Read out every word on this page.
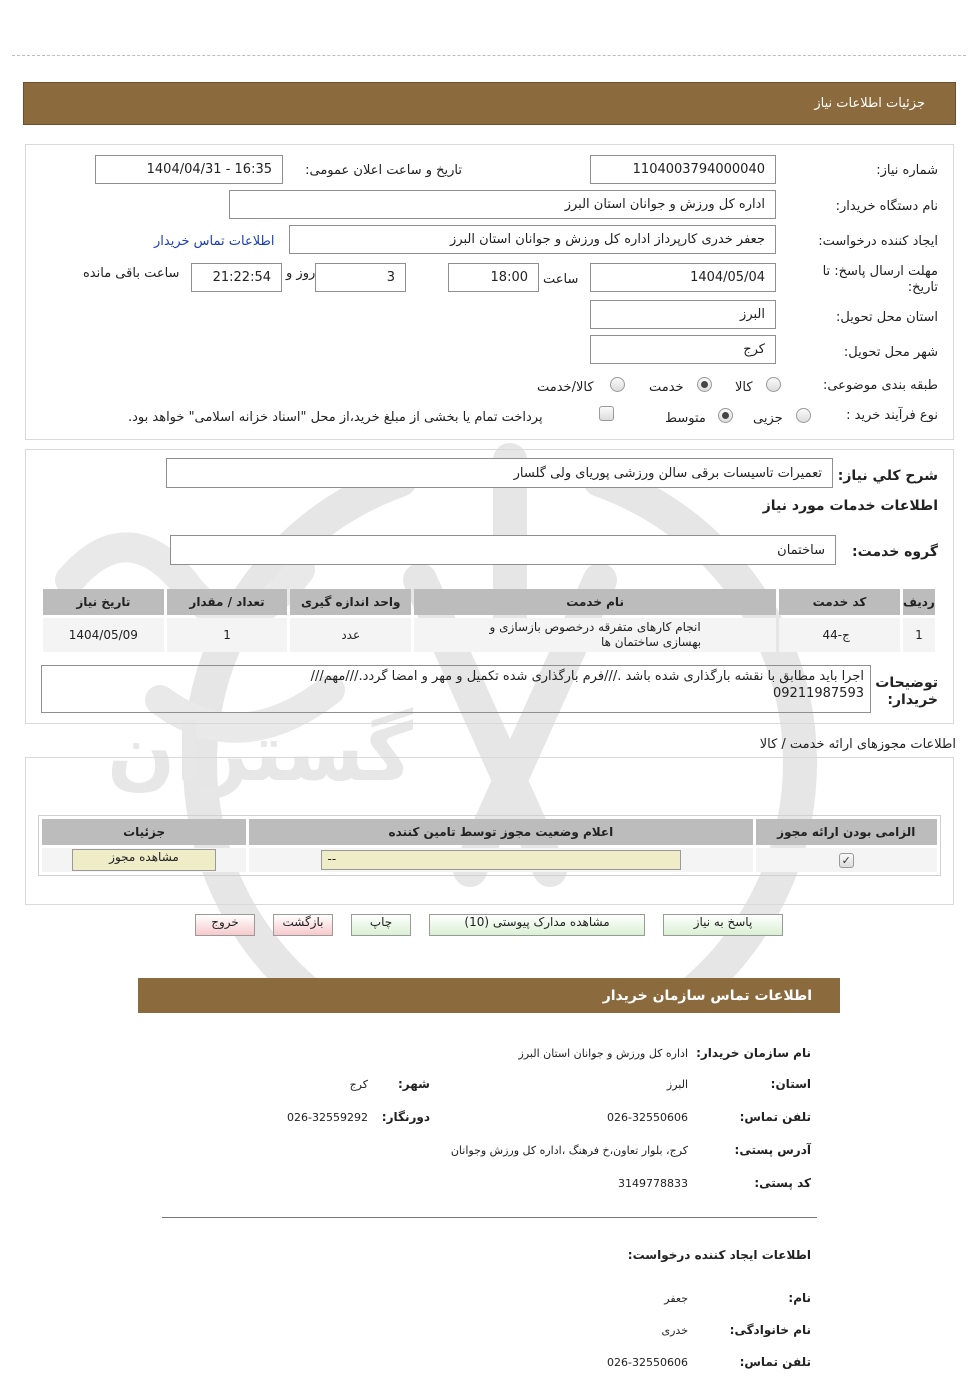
گستران
جزئیات اطلاعات نیاز
شماره نیاز:
1104003794000040
تاریخ و ساعت اعلان عمومی:
1404/04/31 - 16:35
نام دستگاه خریدار:
اداره کل ورزش و جوانان استان البرز
ایجاد کننده درخواست:
جعفر خدری کارپرداز اداره کل ورزش و جوانان استان البرز
اطلاعات تماس خریدار
مهلت ارسال پاسخ: تا
تاریخ:
1404/05/04
ساعت
18:00
3
روز و
21:22:54
ساعت باقی مانده
استان محل تحویل:
البرز
شهر محل تحویل:
کرج
طبقه بندی موضوعی:
کالا
خدمت
کالا/خدمت
نوع فرآیند خرید :
جزیی
متوسط
پرداخت تمام یا بخشی از مبلغ خرید،از محل "اسناد خزانه اسلامی" خواهد بود.
شرح کلي نياز:
تعمیرات تاسیسات برقی سالن ورزشی پوریای ولی گلسار
اطلاعات خدمات مورد نیاز
گروه خدمت:
ساختمان
ردیف	کد خدمت	نام خدمت	واحد اندازه گیری	تعداد / مقدار	تاریخ نیاز
1	ج-44	انجام کارهای متفرقه درخصوص بازسازی و
بهسازی ساختمان ها	عدد	1	1404/05/09
توضیحات
خریدار:
اجرا باید مطابق با نقشه بارگذاری شده باشد .///فرم بارگذاری شده تکمیل و مهر و امضا گردد.///مهم///
09211987593
اطلاعات مجوزهای ارائه خدمت / کالا
الزامی بودن ارائه مجوز	اعلام وضعیت مجوز توسط تامین کننده	جزئیات
✓	--	مشاهده مجوز
پاسخ به نیاز
مشاهده مدارک پیوستی (10)
چاپ
بازگشت
خروج
اطلاعات تماس سازمان خریدار
نام سازمان خریدار:
اداره کل ورزش و جوانان استان البرز
استان:
البرز
شهر:
کرج
تلفن تماس:
026-32550606
دورنگار:
026-32559292
آدرس پستی:
کرج، بلوار تعاون،خ فرهنگ ،اداره کل ورزش وجوانان
کد پستی:
3149778833
اطلاعات ایجاد کننده درخواست:
نام:
جعفر
نام خانوادگی:
خدری
تلفن تماس:
026-32550606
